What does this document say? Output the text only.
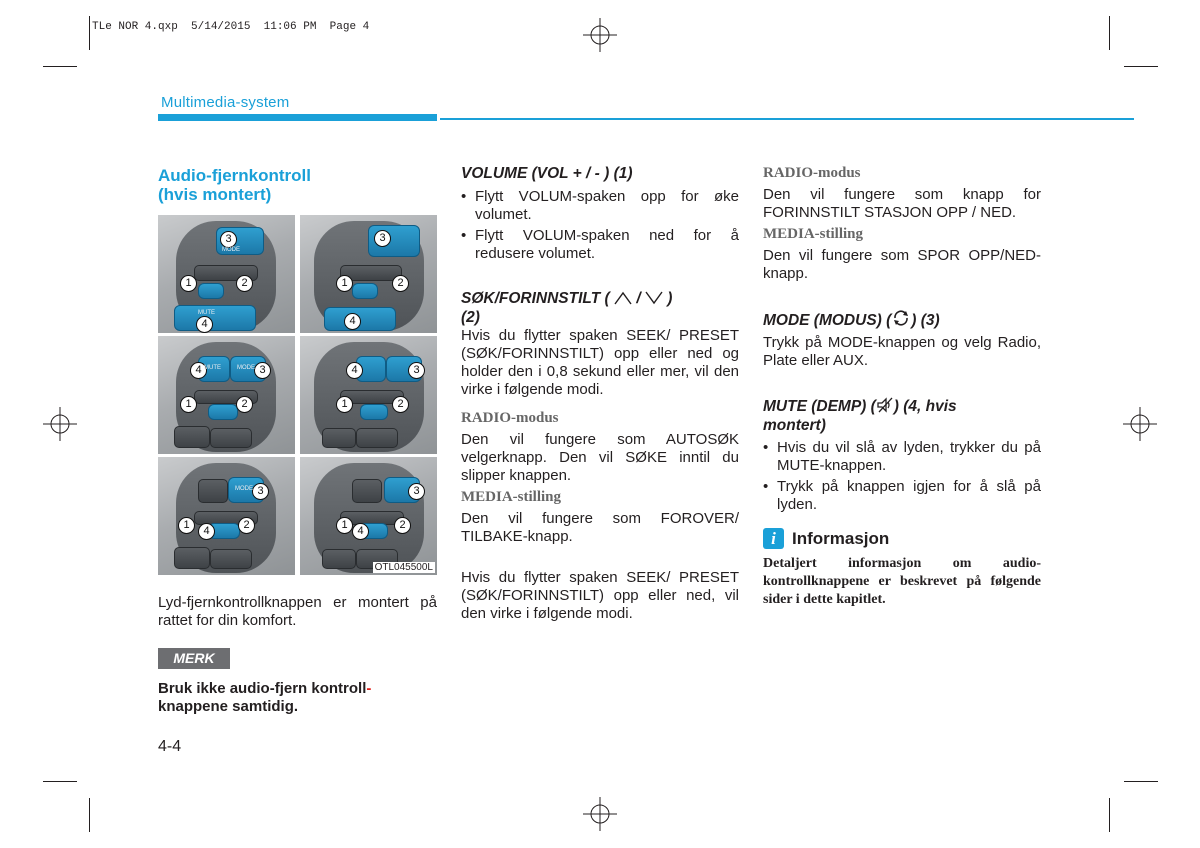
TLe NOR 4.qxp  5/14/2015  11:06 PM  Page 4
Multimedia-system
Audio-fjernkontroll
(hvis montert)
3
1	2
4
MODE
MUTE
3
1	2
4
4	3
1	2
MUTE	MODE	4	3
1	2
3
1	4	2
MODE	3
1 4	2
OTL045500L
Lyd-fjernkontrollknappen er montert på rattet for din komfort.
MERK
Bruk ikke audio-fjern kontroll-
knappene samtidig.
4-4
VOLUME (VOL + / - ) (1)
• Flytt VOLUM-spaken opp for øke volumet.
• Flytt VOLUM-spaken ned for å redusere volumet.
SØK/FORINNSTILT ( / )
(2)
Hvis du flytter spaken SEEK/ PRESET (SØK/FORINNSTILT) opp eller ned og holder den i 0,8 sekund eller mer, vil den virke i følgende modi.
RADIO-modus
Den vil fungere som AUTOSØK velgerknapp. Den vil SØKE inntil du slipper knappen.
MEDIA-stilling
Den vil fungere som FOROVER/ TILBAKE-knapp.
Hvis du flytter spaken SEEK/ PRESET (SØK/FORINNSTILT) opp eller ned, vil den virke i følgende modi.
RADIO-modus
Den vil fungere som knapp for FORINNSTILT STASJON OPP / NED.
MEDIA-stilling
Den vil fungere som SPOR OPP/NED-knapp.
MODE (MODUS) ( ) (3)
Trykk på MODE-knappen og velg Radio, Plate eller AUX.
MUTE (DEMP) ( ) (4, hvis
montert)
• Hvis du vil slå av lyden, trykker du på MUTE-knappen.
• Trykk på knappen igjen for å slå på lyden.
i Informasjon
Detaljert informasjon om audio-kontrollknappene er beskrevet på følgende sider i dette kapitlet.
